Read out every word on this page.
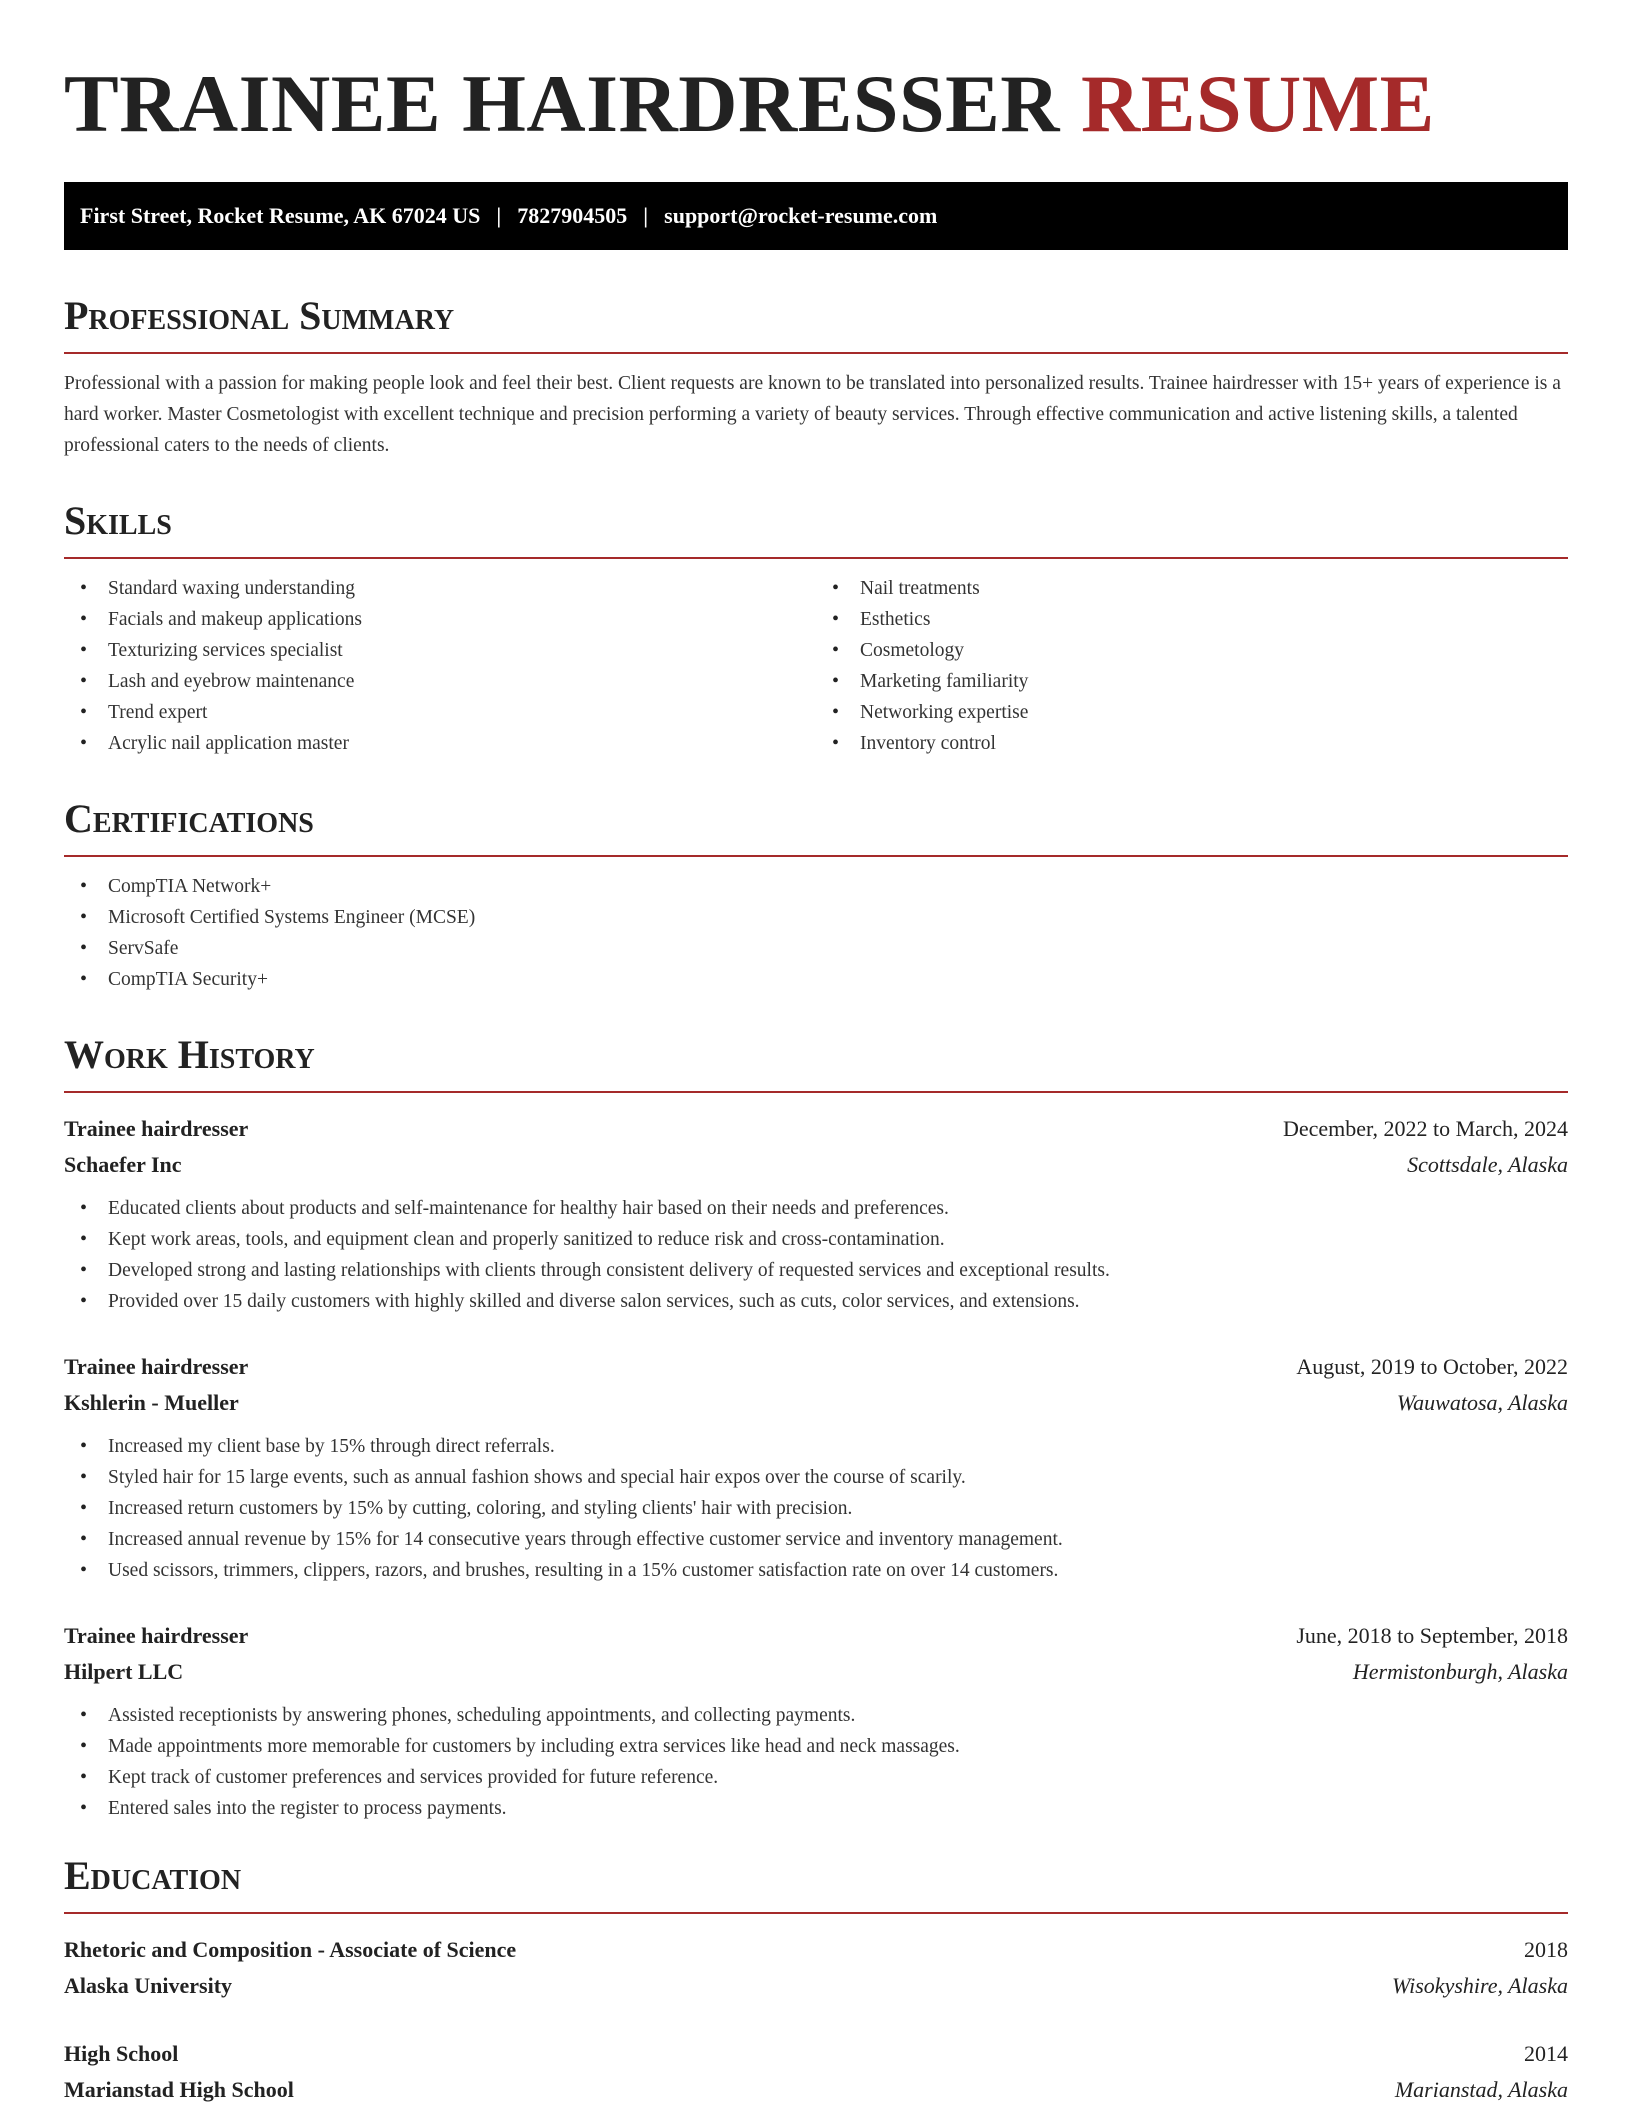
TRAINEE HAIRDRESSER RESUME
First Street, Rocket Resume, AK 67024 US | 7827904505 | support@rocket-resume.com
Professional Summary

Professional with a passion for making people look and feel their best. Client requests are known to be translated into personalized results. Trainee hairdresser with 15+ years of experience is a hard worker. Master Cosmetologist with excellent technique and precision performing a variety of beauty services. Through effective communication and active listening skills, a talented professional caters to the needs of clients.

Skills
• Standard waxing understanding
• Facials and makeup applications
• Texturizing services specialist
• Lash and eyebrow maintenance
• Trend expert
• Acrylic nail application master
• Nail treatments
• Esthetics
• Cosmetology
• Marketing familiarity
• Networking expertise
• Inventory control
Certifications
• CompTIA Network+
• Microsoft Certified Systems Engineer (MCSE)
• ServSafe
• CompTIA Security+
Work History
Trainee hairdresser	December, 2022 to March, 2024
Schaefer Inc	Scottsdale, Alaska
• Educated clients about products and self-maintenance for healthy hair based on their needs and preferences.
• Kept work areas, tools, and equipment clean and properly sanitized to reduce risk and cross-contamination.
• Developed strong and lasting relationships with clients through consistent delivery of requested services and exceptional results.
• Provided over 15 daily customers with highly skilled and diverse salon services, such as cuts, color services, and extensions.
Trainee hairdresser	August, 2019 to October, 2022
Kshlerin - Mueller	Wauwatosa, Alaska
• Increased my client base by 15% through direct referrals.
• Styled hair for 15 large events, such as annual fashion shows and special hair expos over the course of scarily.
• Increased return customers by 15% by cutting, coloring, and styling clients' hair with precision.
• Increased annual revenue by 15% for 14 consecutive years through effective customer service and inventory management.
• Used scissors, trimmers, clippers, razors, and brushes, resulting in a 15% customer satisfaction rate on over 14 customers.
Trainee hairdresser	June, 2018 to September, 2018
Hilpert LLC	Hermistonburgh, Alaska
• Assisted receptionists by answering phones, scheduling appointments, and collecting payments.
• Made appointments more memorable for customers by including extra services like head and neck massages.
• Kept track of customer preferences and services provided for future reference.
• Entered sales into the register to process payments.
Education
Rhetoric and Composition - Associate of Science	2018
Alaska University	Wisokyshire, Alaska
High School	2014
Marianstad High School	Marianstad, Alaska
